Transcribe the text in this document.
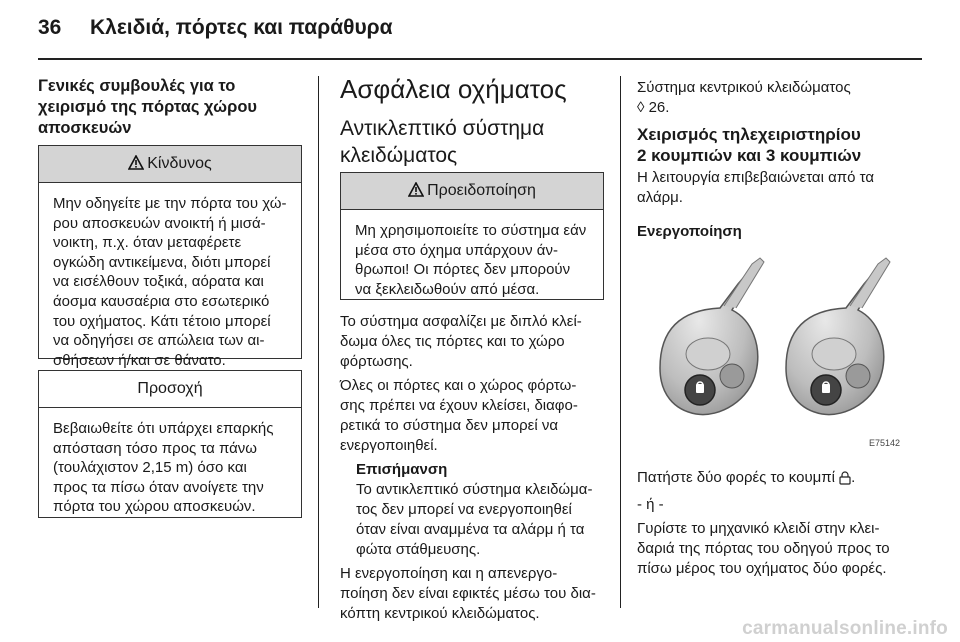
36 Κλειδιά, πόρτες και παράθυρα
Γενικές συμβουλές για το
χειρισμό της πόρτας χώρου
αποσκευών
Κίνδυνος
Μην οδηγείτε με την πόρτα του χώ-
ρου αποσκευών ανοικτή ή μισά-
νοικτη, π.χ. όταν μεταφέρετε
ογκώδη αντικείμενα, διότι μπορεί
να εισέλθουν τοξικά, αόρατα και
άοσμα καυσαέρια στο εσωτερικό
του οχήματος. Κάτι τέτοιο μπορεί
να οδηγήσει σε απώλεια των αι-
σθήσεων ή/και σε θάνατο.
Προσοχή
Βεβαιωθείτε ότι υπάρχει επαρκής
απόσταση τόσο προς τα πάνω
(τουλάχιστον 2,15 m) όσο και
προς τα πίσω όταν ανοίγετε την
πόρτα του χώρου αποσκευών.
Ασφάλεια οχήματος
Αντικλεπτικό σύστημα
κλειδώματος
Προειδοποίηση
Μη χρησιμοποιείτε το σύστημα εάν
μέσα στο όχημα υπάρχουν άν-
θρωποι! Οι πόρτες δεν μπορούν
να ξεκλειδωθούν από μέσα.
Το σύστημα ασφαλίζει με διπλό κλεί-
δωμα όλες τις πόρτες και το χώρο
φόρτωσης.
Όλες οι πόρτες και ο χώρος φόρτω-
σης πρέπει να έχουν κλείσει, διαφο-
ρετικά το σύστημα δεν μπορεί να
ενεργοποιηθεί.
Επισήμανση
Το αντικλεπτικό σύστημα κλειδώμα-
τος δεν μπορεί να ενεργοποιηθεί
όταν είναι αναμμένα τα αλάρμ ή τα
φώτα στάθμευσης.
Η ενεργοποίηση και η απενεργο-
ποίηση δεν είναι εφικτές μέσω του δια-
κόπτη κεντρικού κλειδώματος.
Σύστημα κεντρικού κλειδώματος
◊ 26.
Χειρισμός τηλεχειριστηρίου
2 κουμπιών και 3 κουμπιών
Η λειτουργία επιβεβαιώνεται από τα
αλάρμ.
Ενεργοποίηση
E75142
Πατήστε δύο φορές το κουμπί .
- ή -
Γυρίστε το μηχανικό κλειδί στην κλει-
δαριά της πόρτας του οδηγού προς το
πίσω μέρος του οχήματος δύο φορές.
carmanualsonline.info
